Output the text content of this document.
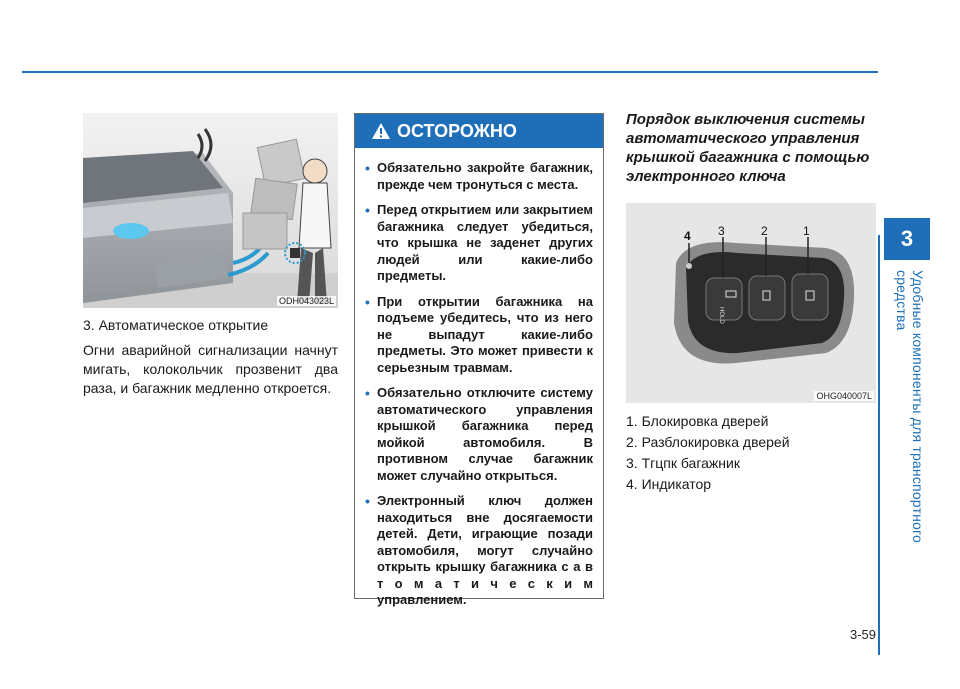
3
Удобные компоненты для транспортного средства
3-59
ODH043023L

3. Автоматическое открытие

Огни аварийной сигнализации начнут мигать, колокольчик прозвенит два раза, и багажник медленно откроется.

ОСТОРОЖНО
• Обязательно закройте багажник, прежде чем тронуться с места.
• Перед открытием или закрытием багажника следует убедиться, что крышка не заденет других людей или какие-либо предметы.
• При открытии багажника на подъеме убедитесь, что из него не выпадут какие-либо предметы. Это может привести к серьезным травмам.
• Обязательно отключите систему автоматического управления крышкой багажника перед мойкой автомобиля. В противном случае багажник может случайно открыться.
• Электронный ключ должен находиться вне досягаемости детей. Дети, играющие позади автомобиля, могут случайно открыть крышку багажника с а в т о м а т и ч е с к и м управлением.
Порядок выключения системы автоматического управления крышкой багажника с помощью электронного ключа
HOLD
4 3	2	1
OHG040007L
1. Блокировка дверей
2. Разблокировка дверей
3. Тгцпк багажник
4. Индикатор
